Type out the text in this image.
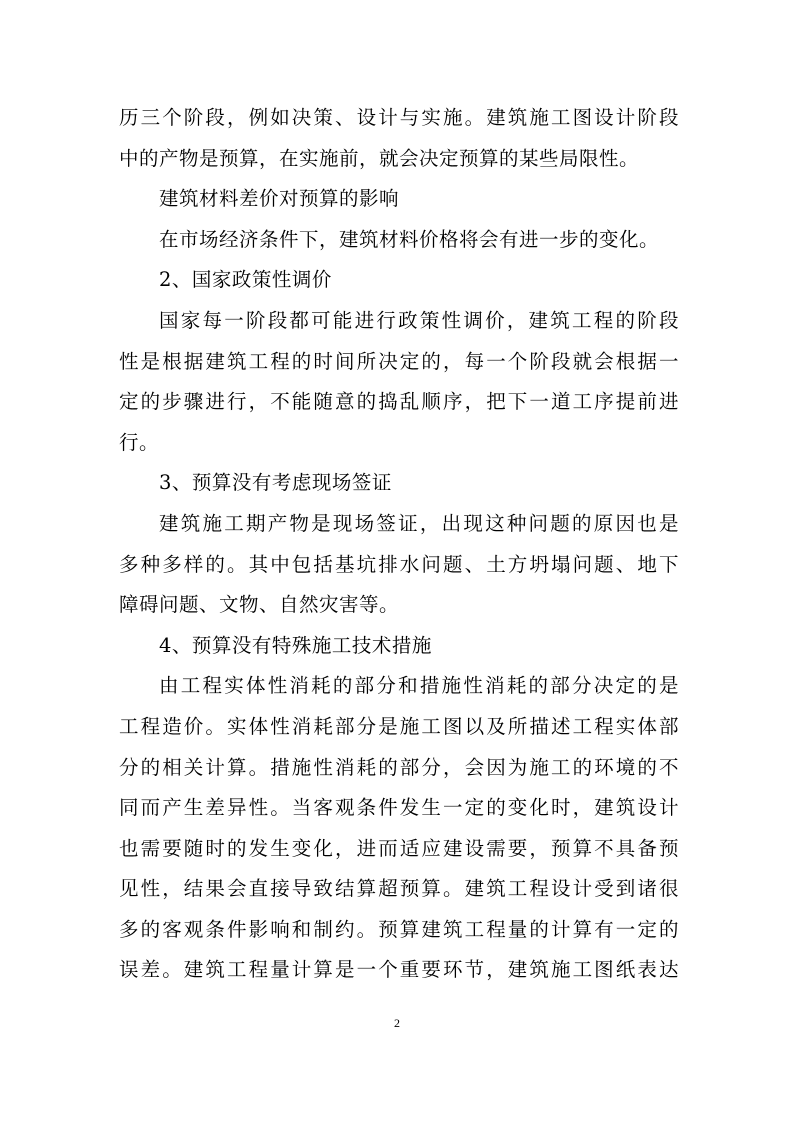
历三个阶段，例如决策、设计与实施。建筑施工图设计阶段
中的产物是预算，在实施前，就会决定预算的某些局限性。
建筑材料差价对预算的影响
在市场经济条件下，建筑材料价格将会有进一步的变化。
2、国家政策性调价
国家每一阶段都可能进行政策性调价，建筑工程的阶段
性是根据建筑工程的时间所决定的，每一个阶段就会根据一
定的步骤进行，不能随意的捣乱顺序，把下一道工序提前进
行。
3、预算没有考虑现场签证
建筑施工期产物是现场签证，出现这种问题的原因也是
多种多样的。其中包括基坑排水问题、土方坍塌问题、地下
障碍问题、文物、自然灾害等。
4、预算没有特殊施工技术措施
由工程实体性消耗的部分和措施性消耗的部分决定的是
工程造价。实体性消耗部分是施工图以及所描述工程实体部
分的相关计算。措施性消耗的部分，会因为施工的环境的不
同而产生差异性。当客观条件发生一定的变化时，建筑设计
也需要随时的发生变化，进而适应建设需要，预算不具备预
见性，结果会直接导致结算超预算。建筑工程设计受到诸很
多的客观条件影响和制约。预算建筑工程量的计算有一定的
误差。建筑工程量计算是一个重要环节，建筑施工图纸表达
2
